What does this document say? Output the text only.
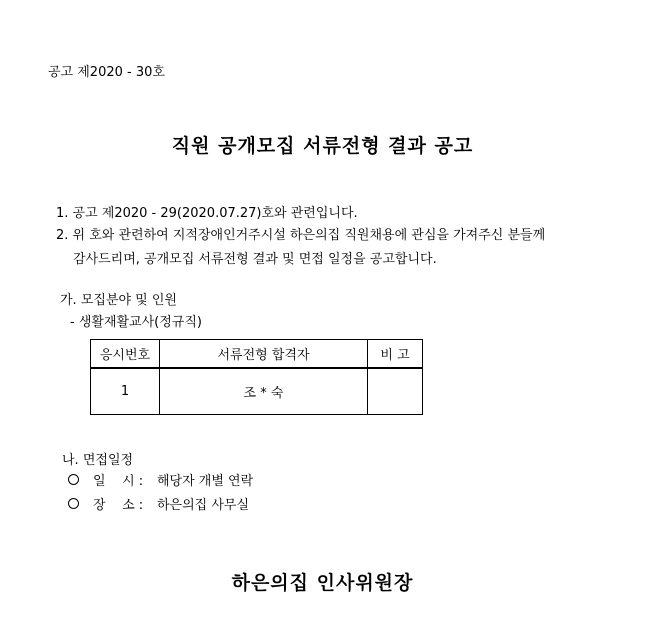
공고 제2020 - 30호
직원 공개모집 서류전형 결과 공고
1. 공고 제2020 - 29(2020.07.27)호와 관련입니다.
2. 위 호와 관련하여 지적장애인거주시설 하은의집 직원채용에 관심을 가져주신 분들께
감사드리며, 공개모집 서류전형 결과 및 면접 일정을 공고합니다.
가. 모집분야 및 인원
- 생활재활교사(정규직)
응시번호	서류전형 합격자	비 고
1	조 * 숙	
나. 면접일정
일    시 :	해당자 개별 연락
장    소 :	하은의집 사무실
하은의집 인사위원장
